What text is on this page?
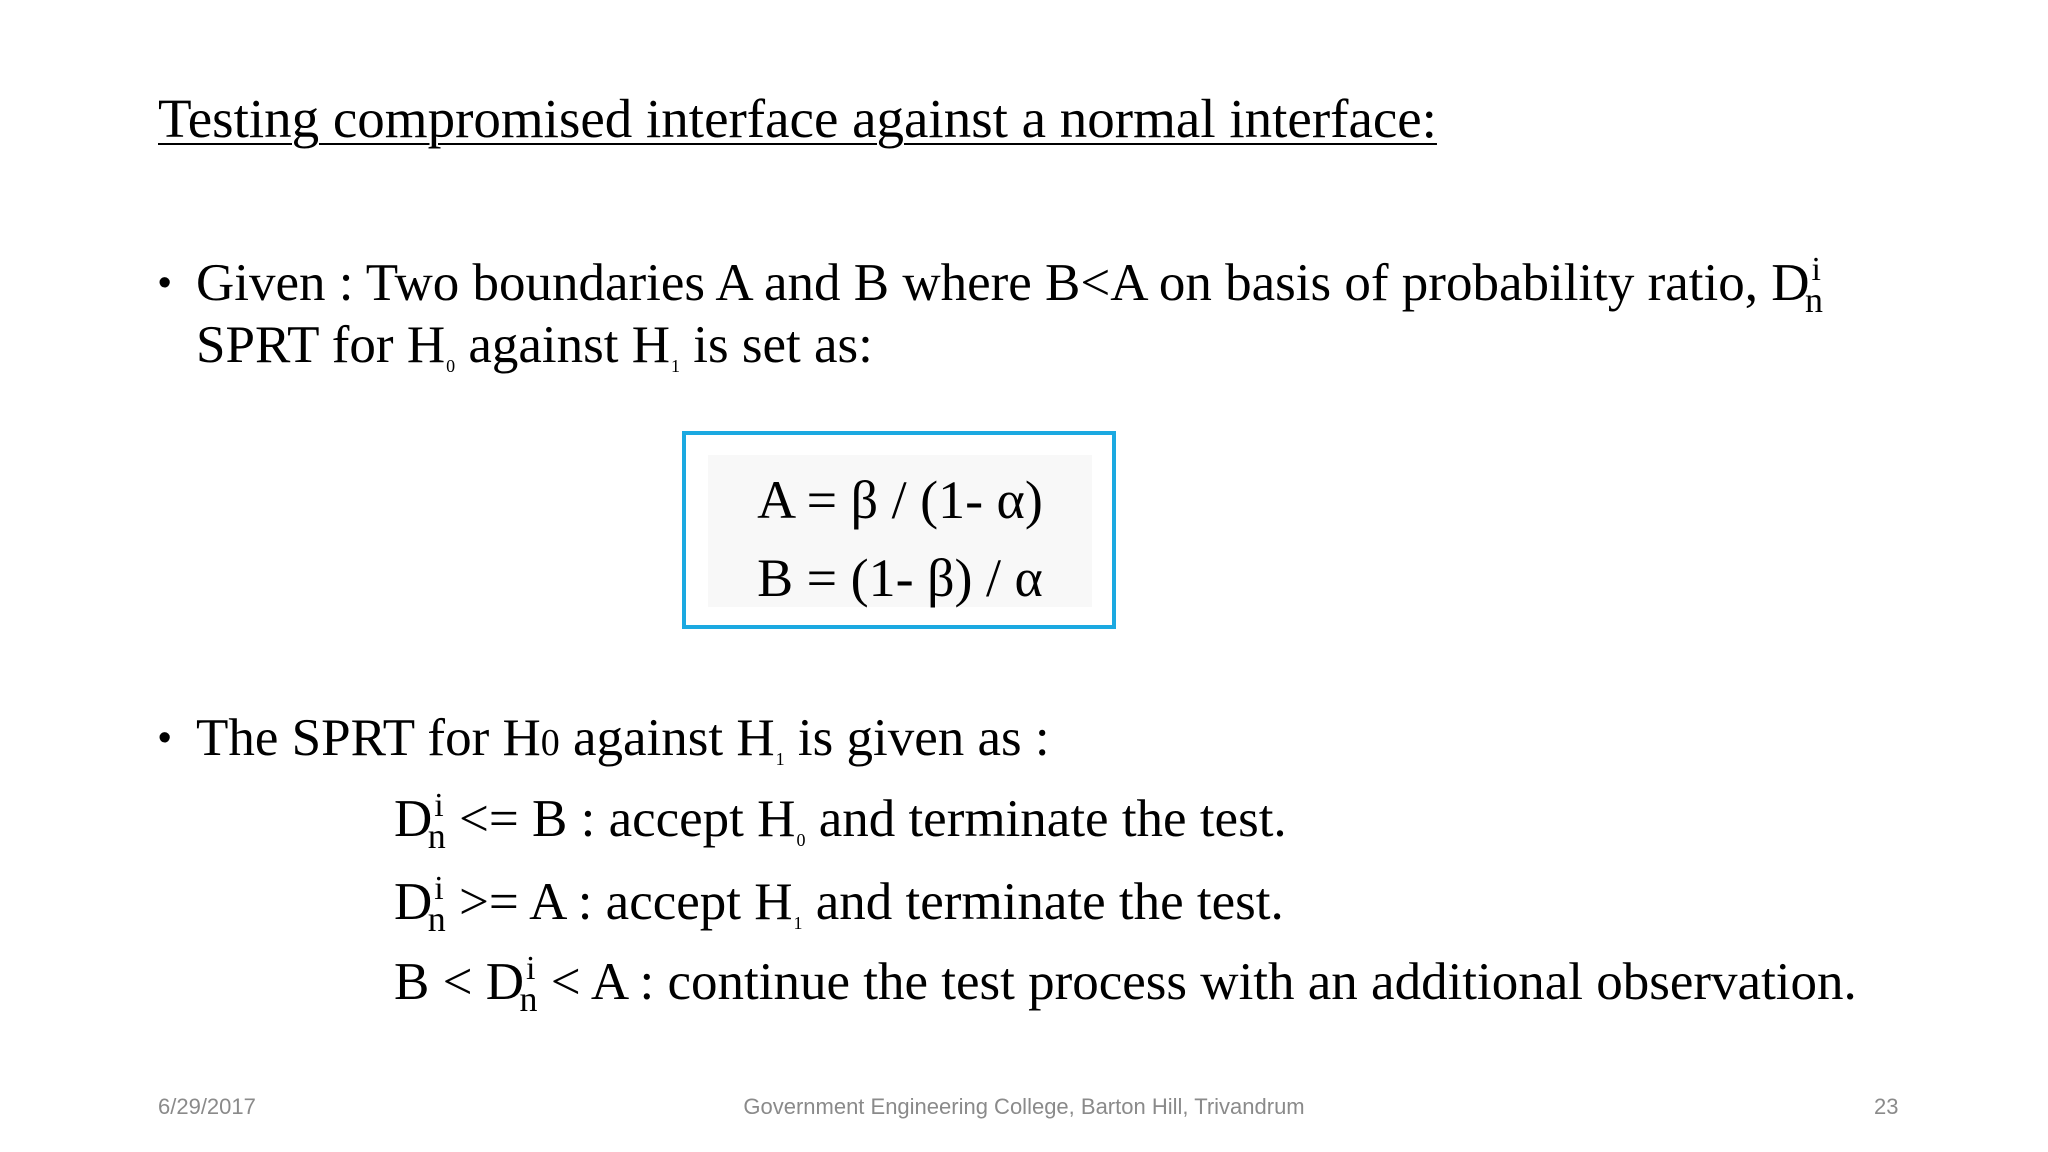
Testing compromised interface against a normal interface:
• Given : Two boundaries A and B where B<A on basis of probability ratio, $D^i_n$
SPRT for H0 against H1 is set as:
A = β / (1- α)
B = (1- β) / α
• The SPRT for H0 against H1 is given as :
$D^i_n <= B$ : accept H0 and terminate the test.
$D^i_n >= A$ : accept H1 and terminate the test.
$B < D^i_n < A$ : continue the test process with an additional observation.
6/29/2017	Government Engineering College, Barton Hill, Trivandrum	23
